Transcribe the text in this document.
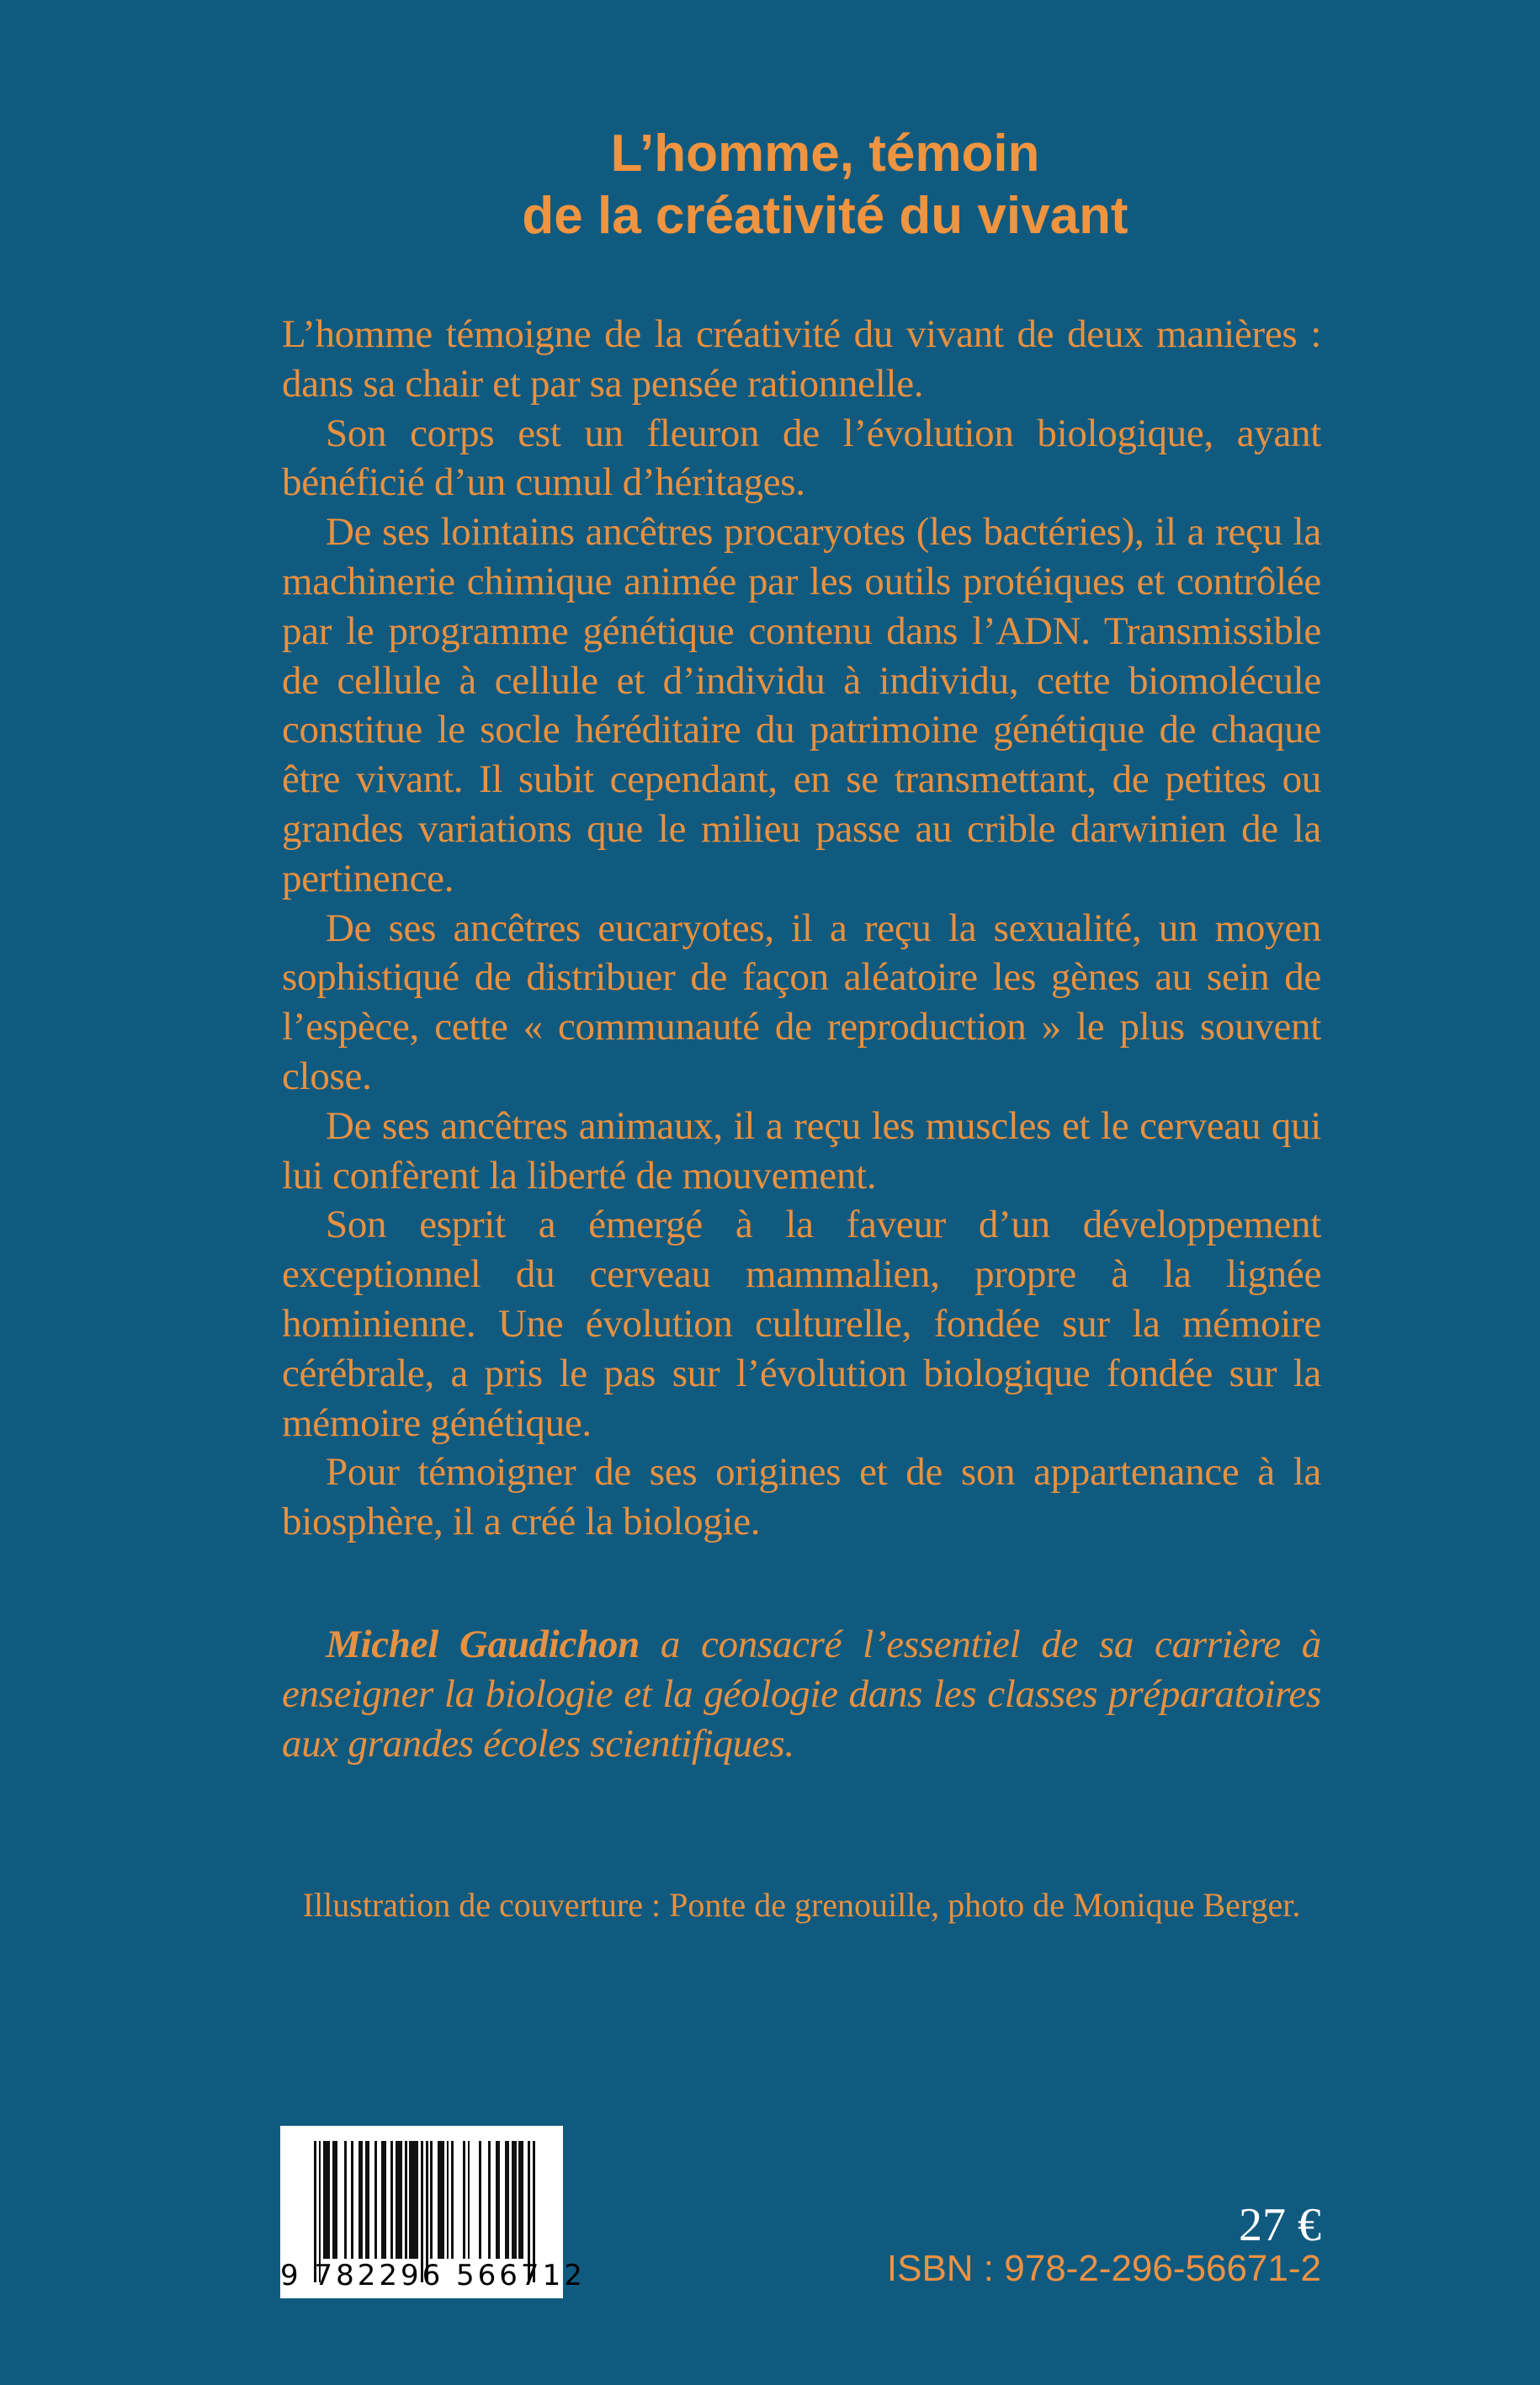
L’homme, témoin
de la créativité du vivant

L’homme témoigne de la créativité du vivant de deux manières : dans sa chair et par sa pensée rationnelle.

Son corps est un fleuron de l’évolution biologique, ayant bénéficié d’un cumul d’héritages.

De ses lointains ancêtres procaryotes (les bactéries), il a reçu la machinerie chimique animée par les outils protéiques et contrôlée par le programme génétique contenu dans l’ADN. Transmissible de cellule à cellule et d’individu à individu, cette biomolécule constitue le socle héréditaire du patrimoine génétique de chaque être vivant. Il subit cependant, en se transmettant, de petites ou grandes variations que le milieu passe au crible darwinien de la pertinence.

De ses ancêtres eucaryotes, il a reçu la sexualité, un moyen sophistiqué de distribuer de façon aléatoire les gènes au sein de l’espèce, cette « communauté de reproduction » le plus souvent close.

De ses ancêtres animaux, il a reçu les muscles et le cerveau qui lui confèrent la liberté de mouvement.

Son esprit a émergé à la faveur d’un développement exceptionnel du cerveau mammalien, propre à la lignée hominienne. Une évolution culturelle, fondée sur la mémoire cérébrale, a pris le pas sur l’évolution biologique fondée sur la mémoire génétique.

Pour témoigner de ses origines et de son appartenance à la biosphère, il a créé la biologie.

Michel Gaudichon a consacré l’essentiel de sa carrière à enseigner la biologie et la géologie dans les classes préparatoires aux grandes écoles scientifiques.
Illustration de couverture : Ponte de grenouille, photo de Monique Berger.
9 782296 566712
27 €
ISBN : 978-2-296-56671-2
